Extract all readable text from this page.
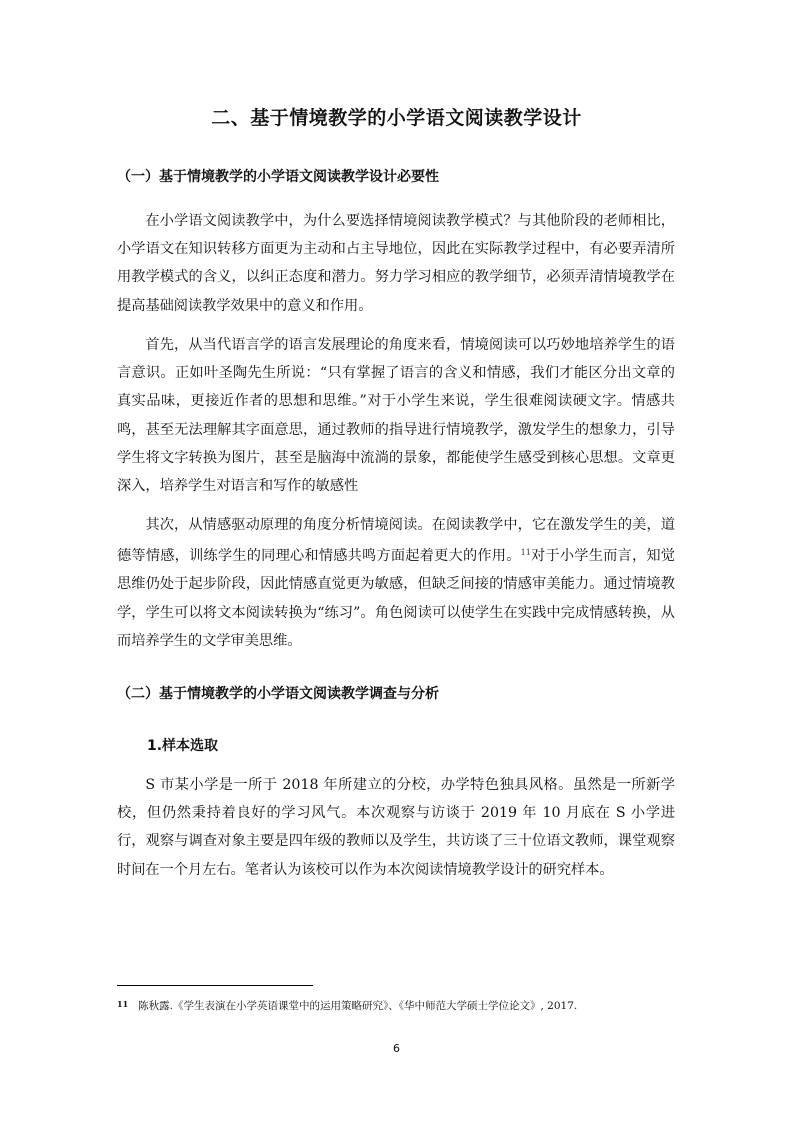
二、基于情境教学的小学语文阅读教学设计
（一）基于情境教学的小学语文阅读教学设计必要性

在小学语文阅读教学中，为什么要选择情境阅读教学模式？与其他阶段的老师相比，小学语文在知识转移方面更为主动和占主导地位，因此在实际教学过程中，有必要弄清所用教学模式的含义，以纠正态度和潜力。努力学习相应的教学细节，必须弄清情境教学在提高基础阅读教学效果中的意义和作用。

首先，从当代语言学的语言发展理论的角度来看，情境阅读可以巧妙地培养学生的语言意识。正如叶圣陶先生所说：“只有掌握了语言的含义和情感，我们才能区分出文章的真实品味，更接近作者的思想和思维。”对于小学生来说，学生很难阅读硬文字。情感共鸣，甚至无法理解其字面意思，通过教师的指导进行情境教学，激发学生的想象力，引导学生将文字转换为图片，甚至是脑海中流淌的景象，都能使学生感受到核心思想。文章更深入，培养学生对语言和写作的敏感性

其次，从情感驱动原理的角度分析情境阅读。在阅读教学中，它在激发学生的美，道德等情感，训练学生的同理心和情感共鸣方面起着更大的作用。$^{11}$对于小学生而言，知觉思维仍处于起步阶段，因此情感直觉更为敏感，但缺乏间接的情感审美能力。通过情境教学，学生可以将文本阅读转换为“练习”。角色阅读可以使学生在实践中完成情感转换，从而培养学生的文学审美思维。

（二）基于情境教学的小学语文阅读教学调查与分析
1.样本选取

S 市某小学是一所于 2018 年所建立的分校，办学特色独具风格。虽然是一所新学校，但仍然秉持着良好的学习风气。本次观察与访谈于 2019 年 10 月底在 S 小学进行，观察与调查对象主要是四年级的教师以及学生，共访谈了三十位语文教师，课堂观察时间在一个月左右。笔者认为该校可以作为本次阅读情境教学设计的研究样本。

11 陈秋露.《学生表演在小学英语课堂中的运用策略研究》、《华中师范大学硕士学位论文》, 2017.

6
